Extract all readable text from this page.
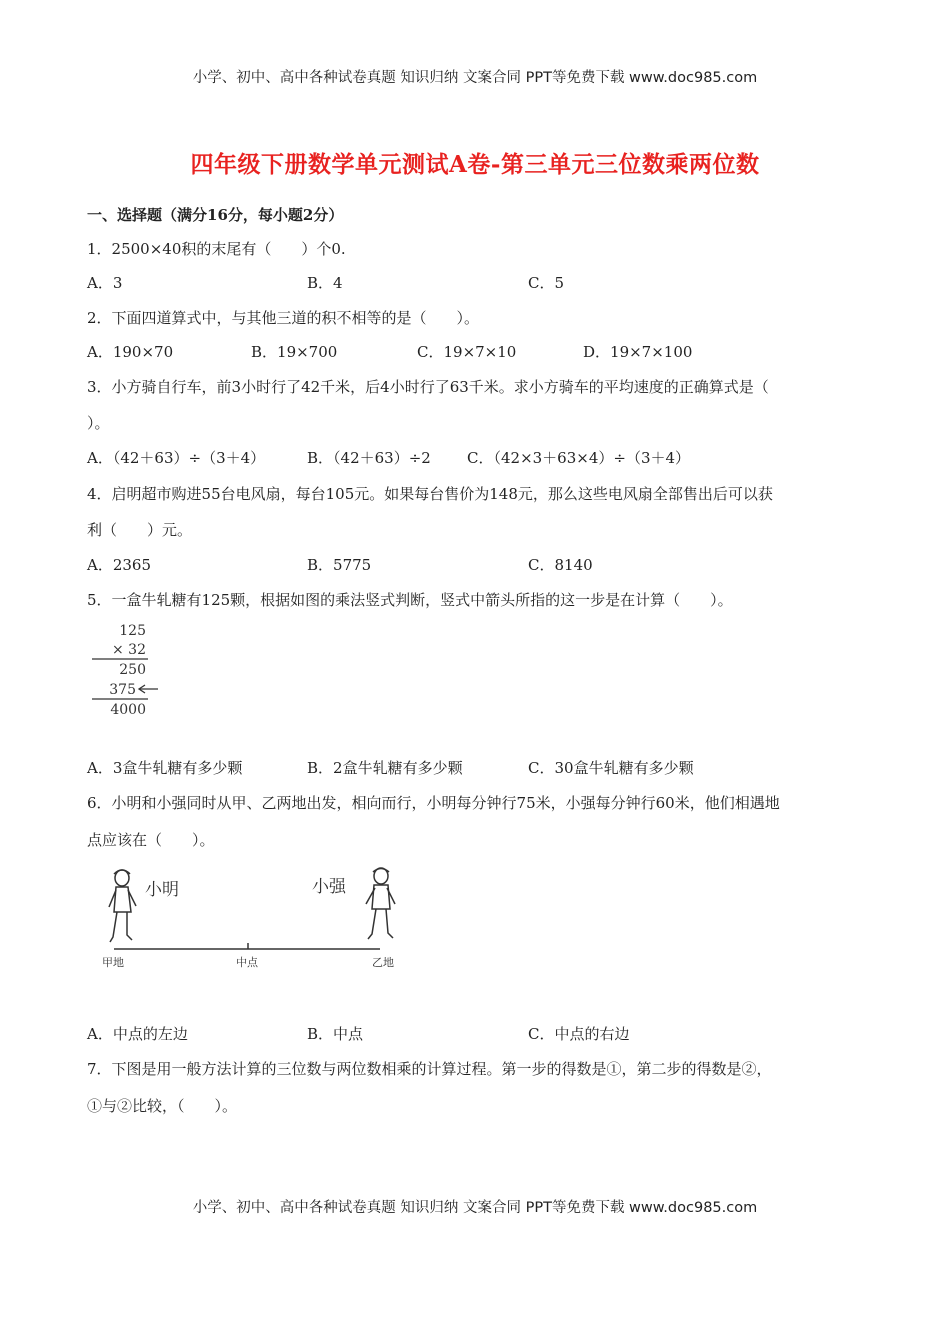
小学、初中、高中各种试卷真题 知识归纳 文案合同 PPT等免费下载 www.doc985.com
四年级下册数学单元测试A卷-第三单元三位数乘两位数
一、选择题（满分16分，每小题2分）
1．2500×40积的末尾有（　　）个0.
A．3	B．4	C．5
2．下面四道算式中，与其他三道的积不相等的是（　　）。
A．190×70	B．19×700	C．19×7×10	D．19×7×100
3．小方骑自行车，前3小时行了42千米，后4小时行了63千米。求小方骑车的平均速度的正确算式是（
）。
A．（42＋63）÷（3＋4）	B．（42＋63）÷2 C．（42×3＋63×4）÷（3＋4）
4．启明超市购进55台电风扇，每台105元。如果每台售价为148元，那么这些电风扇全部售出后可以获
利（　　）元。
A．2365	B．5775	C．8140
5．一盒牛轧糖有125颗，根据如图的乘法竖式判断，竖式中箭头所指的这一步是在计算（　　）。
125
× 32
250
375
4000
A．3盒牛轧糖有多少颗	B．2盒牛轧糖有多少颗	C．30盒牛轧糖有多少颗
6．小明和小强同时从甲、乙两地出发，相向而行，小明每分钟行75米，小强每分钟行60米，他们相遇地
点应该在（　　）。
小明	小强
甲地	中点	乙地
A．中点的左边	B．中点	C．中点的右边
7．下图是用一般方法计算的三位数与两位数相乘的计算过程。第一步的得数是①，第二步的得数是②，
①与②比较，（　　）。
小学、初中、高中各种试卷真题 知识归纳 文案合同 PPT等免费下载 www.doc985.com
